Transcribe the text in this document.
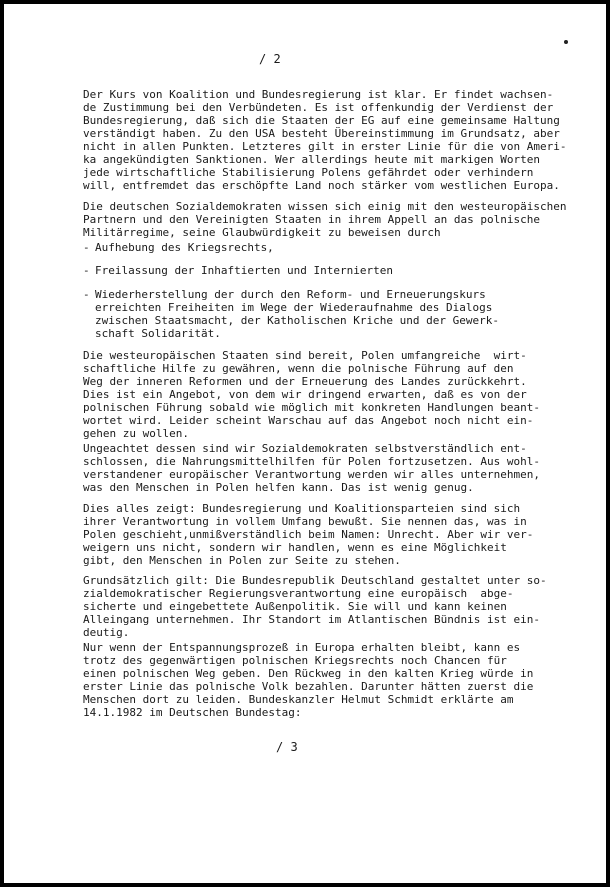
/ 2
Der Kurs von Koalition und Bundesregierung ist klar. Er findet wachsen-
de Zustimmung bei den Verbündeten. Es ist offenkundig der Verdienst der
Bundesregierung, daß sich die Staaten der EG auf eine gemeinsame Haltung
verständigt haben. Zu den USA besteht Übereinstimmung im Grundsatz, aber
nicht in allen Punkten. Letzteres gilt in erster Linie für die von Ameri-
ka angekündigten Sanktionen. Wer allerdings heute mit markigen Worten
jede wirtschaftliche Stabilisierung Polens gefährdet oder verhindern
will, entfremdet das erschöpfte Land noch stärker vom westlichen Europa.
Die deutschen Sozialdemokraten wissen sich einig mit den westeuropäischen
Partnern und den Vereinigten Staaten in ihrem Appell an das polnische
Militärregime, seine Glaubwürdigkeit zu beweisen durch
- Aufhebung des Kriegsrechts,
- Freilassung der Inhaftierten und Internierten
- Wiederherstellung der durch den Reform- und Erneuerungskurs
erreichten Freiheiten im Wege der Wiederaufnahme des Dialogs
zwischen Staatsmacht, der Katholischen Kriche und der Gewerk-
schaft Solidarität.
Die westeuropäischen Staaten sind bereit, Polen umfangreiche  wirt-
schaftliche Hilfe zu gewähren, wenn die polnische Führung auf den
Weg der inneren Reformen und der Erneuerung des Landes zurückkehrt.
Dies ist ein Angebot, von dem wir dringend erwarten, daß es von der
polnischen Führung sobald wie möglich mit konkreten Handlungen beant-
wortet wird. Leider scheint Warschau auf das Angebot noch nicht ein-
gehen zu wollen.
Ungeachtet dessen sind wir Sozialdemokraten selbstverständlich ent-
schlossen, die Nahrungsmittelhilfen für Polen fortzusetzen. Aus wohl-
verstandener europäischer Verantwortung werden wir alles unternehmen,
was den Menschen in Polen helfen kann. Das ist wenig genug.
Dies alles zeigt: Bundesregierung und Koalitionsparteien sind sich
ihrer Verantwortung in vollem Umfang bewußt. Sie nennen das, was in
Polen geschieht,unmißverständlich beim Namen: Unrecht. Aber wir ver-
weigern uns nicht, sondern wir handlen, wenn es eine Möglichkeit
gibt, den Menschen in Polen zur Seite zu stehen.
Grundsätzlich gilt: Die Bundesrepublik Deutschland gestaltet unter so-
zialdemokratischer Regierungsverantwortung eine europäisch  abge-
sicherte und eingebettete Außenpolitik. Sie will und kann keinen
Alleingang unternehmen. Ihr Standort im Atlantischen Bündnis ist ein-
deutig.
Nur wenn der Entspannungsprozeß in Europa erhalten bleibt, kann es
trotz des gegenwärtigen polnischen Kriegsrechts noch Chancen für
einen polnischen Weg geben. Den Rückweg in den kalten Krieg würde in
erster Linie das polnische Volk bezahlen. Darunter hätten zuerst die
Menschen dort zu leiden. Bundeskanzler Helmut Schmidt erklärte am
14.1.1982 im Deutschen Bundestag:
/ 3
